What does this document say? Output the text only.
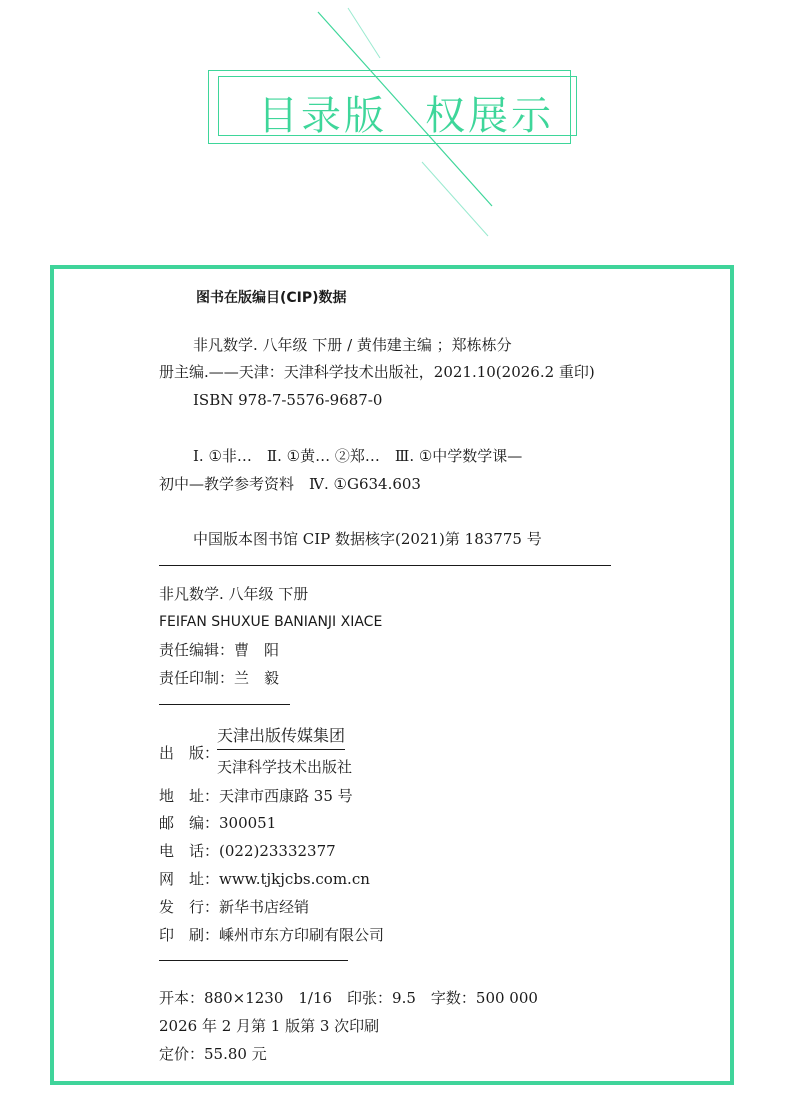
目录版 权展示
图书在版编目(CIP)数据
非凡数学. 八年级 下册 / 黄伟建主编 ；郑栋栋分
册主编.——天津：天津科学技术出版社，2021.10(2026.2 重印)
ISBN 978-7-5576-9687-0
Ⅰ. ①非…　Ⅱ. ①黄… ②郑…　Ⅲ. ①中学数学课—
初中—教学参考资料　Ⅳ. ①G634.603
中国版本图书馆 CIP 数据核字(2021)第 183775 号
非凡数学. 八年级 下册
FEIFAN SHUXUE BANIANJI XIACE
责任编辑：曹　阳
责任印制：兰　毅
出　版：
天津出版传媒集团
天津科学技术出版社
地　址：天津市西康路 35 号
邮　编：300051
电　话：(022)23332377
网　址：www.tjkjcbs.com.cn
发　行：新华书店经销
印　刷：嵊州市东方印刷有限公司
开本：880×1230　1/16　印张：9.5　字数：500 000
2026 年 2 月第 1 版第 3 次印刷
定价：55.80 元
